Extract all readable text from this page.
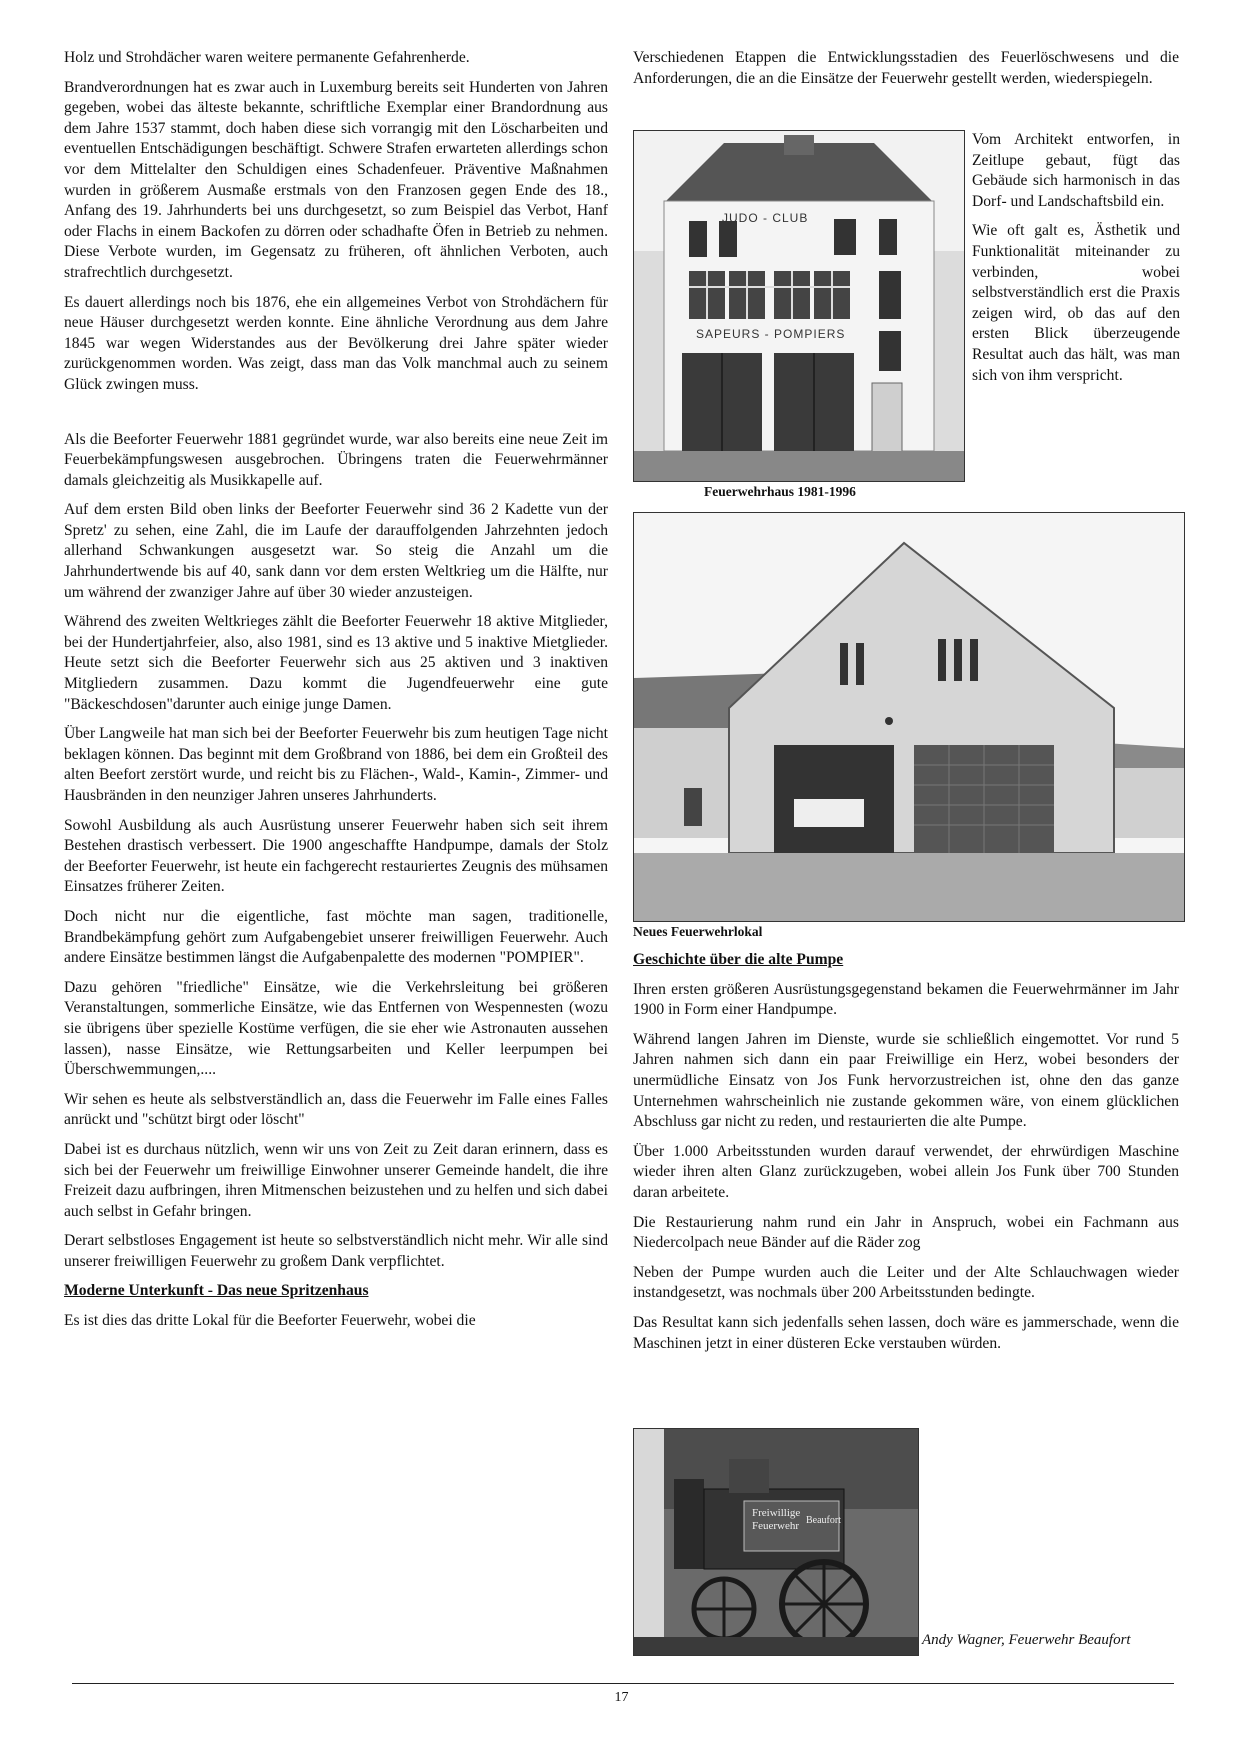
Holz und Strohdächer waren weitere permanente Gefahrenherde.

Brandverordnungen hat es zwar auch in Luxemburg bereits seit Hunderten von Jahren gegeben, wobei das älteste bekannte, schriftliche Exemplar einer Brandordnung aus dem Jahre 1537 stammt, doch haben diese sich vorrangig mit den Löscharbeiten und eventuellen Entschädigungen beschäftigt. Schwere Strafen erwarteten allerdings schon vor dem Mittelalter den Schuldigen eines Schadenfeuer. Präventive Maßnahmen wurden in größerem Ausmaße erstmals von den Franzosen gegen Ende des 18., Anfang des 19. Jahrhunderts bei uns durchgesetzt, so zum Beispiel das Verbot, Hanf oder Flachs in einem Backofen zu dörren oder schadhafte Öfen in Betrieb zu nehmen. Diese Verbote wurden, im Gegensatz zu früheren, oft ähnlichen Verboten, auch strafrechtlich durchgesetzt.

Es dauert allerdings noch bis 1876, ehe ein allgemeines Verbot von Strohdächern für neue Häuser durchgesetzt werden konnte. Eine ähnliche Verordnung aus dem Jahre 1845 war wegen Widerstandes aus der Bevölkerung drei Jahre später wieder zurückgenommen worden. Was zeigt, dass man das Volk manchmal auch zu seinem Glück zwingen muss.

Als die Beeforter Feuerwehr 1881 gegründet wurde, war also bereits eine neue Zeit im Feuerbekämpfungswesen ausgebrochen. Übringens traten die Feuerwehrmänner damals gleichzeitig als Musikkapelle auf.

Auf dem ersten Bild oben links der Beeforter Feuerwehr sind 36 2 Kadette vun der Spretz' zu sehen, eine Zahl, die im Laufe der darauffolgenden Jahrzehnten jedoch allerhand Schwankungen ausgesetzt war. So steig die Anzahl um die Jahrhundertwende bis auf 40, sank dann vor dem ersten Weltkrieg um die Hälfte, nur um während der zwanziger Jahre auf über 30 wieder anzusteigen.

Während des zweiten Weltkrieges zählt die Beeforter Feuerwehr 18 aktive Mitglieder, bei der Hundertjahrfeier, also, also 1981, sind es 13 aktive und 5 inaktive Mietglieder. Heute setzt sich die Beeforter Feuerwehr sich aus 25 aktiven und 3 inaktiven Mitgliedern zusammen. Dazu kommt die Jugendfeuerwehr eine gute "Bäckeschdosen"darunter auch einige junge Damen.

Über Langweile hat man sich bei der Beeforter Feuerwehr bis zum heutigen Tage nicht beklagen können. Das beginnt mit dem Großbrand von 1886, bei dem ein Großteil des alten Beefort zerstört wurde, und reicht bis zu Flächen-, Wald-, Kamin-, Zimmer- und Hausbränden in den neunziger Jahren unseres Jahrhunderts.

Sowohl Ausbildung als auch Ausrüstung unserer Feuerwehr haben sich seit ihrem Bestehen drastisch verbessert. Die 1900 angeschaffte Handpumpe, damals der Stolz der Beeforter Feuerwehr, ist heute ein fachgerecht restauriertes Zeugnis des mühsamen Einsatzes früherer Zeiten.

Doch nicht nur die eigentliche, fast möchte man sagen, traditionelle, Brandbekämpfung gehört zum Aufgabengebiet unserer freiwilligen Feuerwehr. Auch andere Einsätze bestimmen längst die Aufgabenpalette des modernen "POMPIER".

Dazu gehören "friedliche" Einsätze, wie die Verkehrsleitung bei größeren Veranstaltungen, sommerliche Einsätze, wie das Entfernen von Wespennesten (wozu sie übrigens über spezielle Kostüme verfügen, die sie eher wie Astronauten aussehen lassen), nasse Einsätze, wie Rettungsarbeiten und Keller leerpumpen bei Überschwemmungen,....

Wir sehen es heute als selbstverständlich an, dass die Feuerwehr im Falle eines Falles anrückt und "schützt birgt oder löscht"

Dabei ist es durchaus nützlich, wenn wir uns von Zeit zu Zeit daran erinnern, dass es sich bei der Feuerwehr um freiwillige Einwohner unserer Gemeinde handelt, die ihre Freizeit dazu aufbringen, ihren Mitmenschen beizustehen und zu helfen und sich dabei auch selbst in Gefahr bringen.

Derart selbstloses Engagement ist heute so selbstverständlich nicht mehr. Wir alle sind unserer freiwilligen Feuerwehr zu großem Dank verpflichtet.

Moderne Unterkunft - Das neue Spritzenhaus

Es ist dies das dritte Lokal für die Beeforter Feuerwehr, wobei die

Verschiedenen Etappen die Entwicklungsstadien des Feuerlöschwesens und die Anforderungen, die an die Einsätze der Feuerwehr gestellt werden, wiederspiegeln.

JUDO - CLUB
SAPEURS - POMPIERS

Vom Architekt entworfen, in Zeitlupe gebaut, fügt das Gebäude sich harmonisch in das Dorf- und Landschaftsbild ein.

Wie oft galt es, Ästhetik und Funktionalität miteinander zu verbinden, wobei selbstverständlich erst die Praxis zeigen wird, ob das auf den ersten Blick überzeugende Resultat auch das hält, was man sich von ihm verspricht.

Feuerwehrhaus 1981-1996
Neues Feuerwehrlokal

Geschichte über die alte Pumpe

Ihren ersten größeren Ausrüstungsgegenstand bekamen die Feuerwehrmänner im Jahr 1900 in Form einer Handpumpe.

Während langen Jahren im Dienste, wurde sie schließlich eingemottet. Vor rund 5 Jahren nahmen sich dann ein paar Freiwillige ein Herz, wobei besonders der unermüdliche Einsatz von Jos Funk hervorzustreichen ist, ohne den das ganze Unternehmen wahrscheinlich nie zustande gekommen wäre, von einem glücklichen Abschluss gar nicht zu reden, und restaurierten die alte Pumpe.

Über 1.000 Arbeitsstunden wurden darauf verwendet, der ehrwürdigen Maschine wieder ihren alten Glanz zurückzugeben, wobei allein Jos Funk über 700 Stunden daran arbeitete.

Die Restaurierung nahm rund ein Jahr in Anspruch, wobei ein Fachmann aus Niedercolpach neue Bänder auf die Räder zog

Neben der Pumpe wurden auch die Leiter und der Alte Schlauchwagen wieder instandgesetzt, was nochmals über 200 Arbeitsstunden bedingte.

Das Resultat kann sich jedenfalls sehen lassen, doch wäre es jammerschade, wenn die Maschinen jetzt in einer düsteren Ecke verstauben würden.

Freiwillige
Feuerwehr Beaufort
Andy Wagner, Feuerwehr Beaufort
17
